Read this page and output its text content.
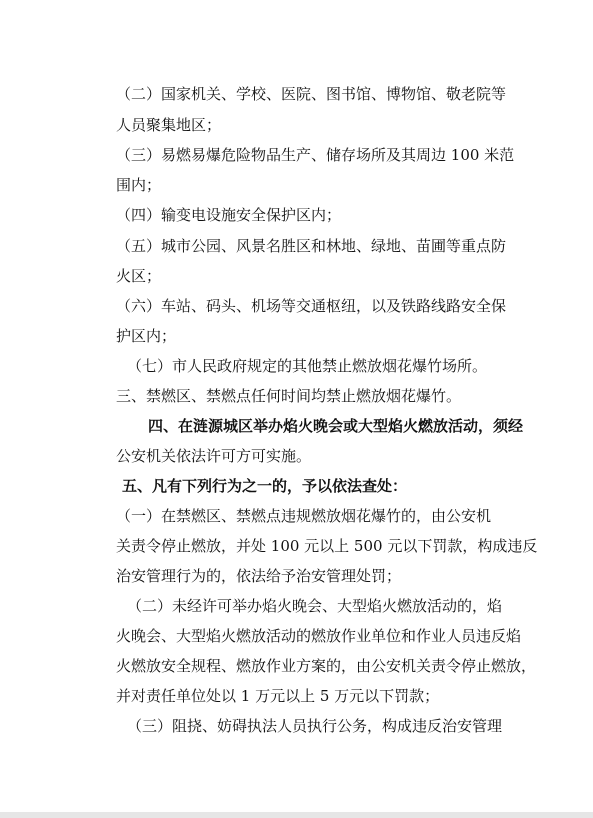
（二）国家机关、学校、医院、图书馆、博物馆、敬老院等
人员聚集地区；
（三）易燃易爆危险物品生产、储存场所及其周边 100 米范
围内；
（四）输变电设施安全保护区内；
（五）城市公园、风景名胜区和林地、绿地、苗圃等重点防
火区；
（六）车站、码头、机场等交通枢纽，以及铁路线路安全保
护区内；
（七）市人民政府规定的其他禁止燃放烟花爆竹场所。
三、禁燃区、禁燃点任何时间均禁止燃放烟花爆竹。
四、在涟源城区举办焰火晚会或大型焰火燃放活动，须经
公安机关依法许可方可实施。
五、凡有下列行为之一的，予以依法查处：
（一）在禁燃区、禁燃点违规燃放烟花爆竹的，由公安机
关责令停止燃放，并处 100 元以上 500 元以下罚款，构成违反
治安管理行为的，依法给予治安管理处罚；
（二）未经许可举办焰火晚会、大型焰火燃放活动的，焰
火晚会、大型焰火燃放活动的燃放作业单位和作业人员违反焰
火燃放安全规程、燃放作业方案的，由公安机关责令停止燃放，
并对责任单位处以 1 万元以上 5 万元以下罚款；
（三）阻挠、妨碍执法人员执行公务，构成违反治安管理
